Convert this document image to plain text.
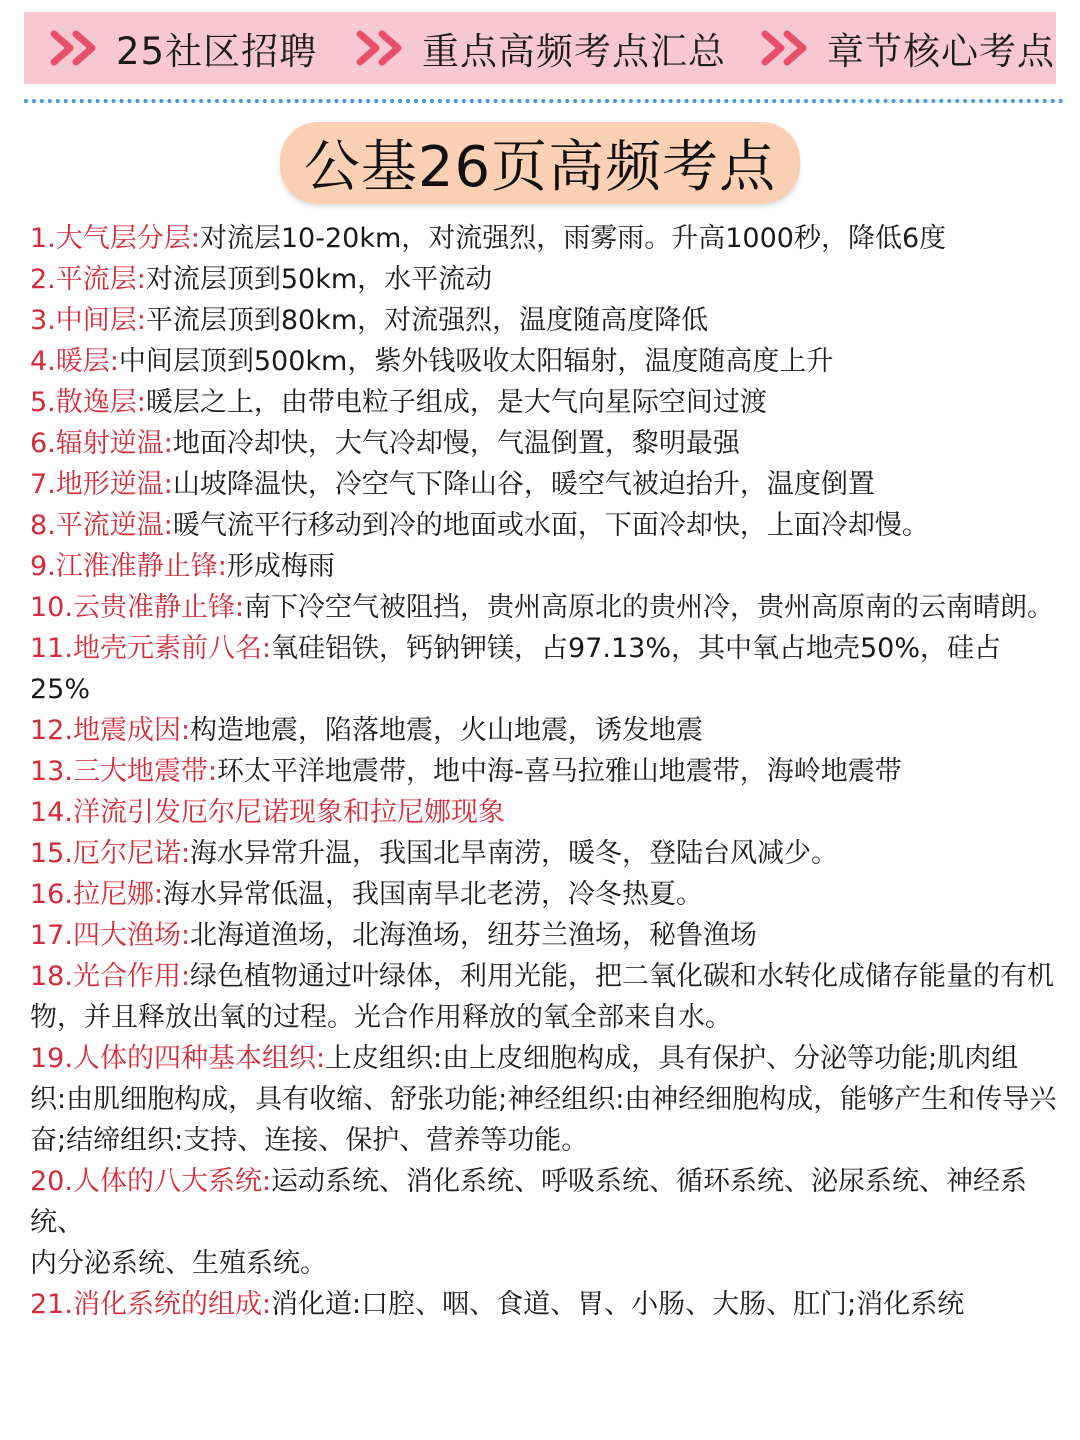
25社区招聘	重点高频考点汇总	章节核心考点
公基26页高频考点

1.大气层分层:对流层10-20km，对流强烈，雨雾雨。升高1000秒，降低6度

2.平流层:对流层顶到50km，水平流动

3.中间层:平流层顶到80km，对流强烈，温度随高度降低

4.暖层:中间层顶到500km，紫外钱吸收太阳辐射，温度随高度上升

5.散逸层:暖层之上，由带电粒子组成，是大气向星际空间过渡

6.辐射逆温:地面冷却快，大气冷却慢，气温倒置，黎明最强

7.地形逆温:山坡降温快，冷空气下降山谷，暖空气被迫抬升，温度倒置

8.平流逆温:暖气流平行移动到冷的地面或水面，下面冷却快，上面冷却慢。

9.江淮准静止锋:形成梅雨

10.云贵准静止锋:南下冷空气被阻挡，贵州高原北的贵州冷，贵州高原南的云南晴朗。

11.地壳元素前八名:氧硅铝铁，钙钠钾镁，占97.13%，其中氧占地壳50%，硅占25%

12.地震成因:构造地震，陷落地震，火山地震，诱发地震

13.三大地震带:环太平洋地震带，地中海-喜马拉雅山地震带，海岭地震带

14.洋流引发厄尔尼诺现象和拉尼娜现象

15.厄尔尼诺:海水异常升温，我国北旱南涝，暖冬，登陆台风减少。

16.拉尼娜:海水异常低温，我国南旱北老涝，冷冬热夏。

17.四大渔场:北海道渔场，北海渔场，纽芬兰渔场，秘鲁渔场

18.光合作用:绿色植物通过叶绿体，利用光能，把二氧化碳和水转化成储存能量的有机

物，并且释放出氧的过程。光合作用释放的氧全部来自水。

19.人体的四种基本组织:上皮组织:由上皮细胞构成，具有保护、分泌等功能;肌肉组

织:由肌细胞构成，具有收缩、舒张功能;神经组织:由神经细胞构成，能够产生和传导兴奋;结缔组织:支持、连接、保护、营养等功能。

20.人体的八大系统:运动系统、消化系统、呼吸系统、循环系统、泌尿系统、神经系统、

内分泌系统、生殖系统。

21.消化系统的组成:消化道:口腔、咽、食道、胃、小肠、大肠、肛门;消化系统
